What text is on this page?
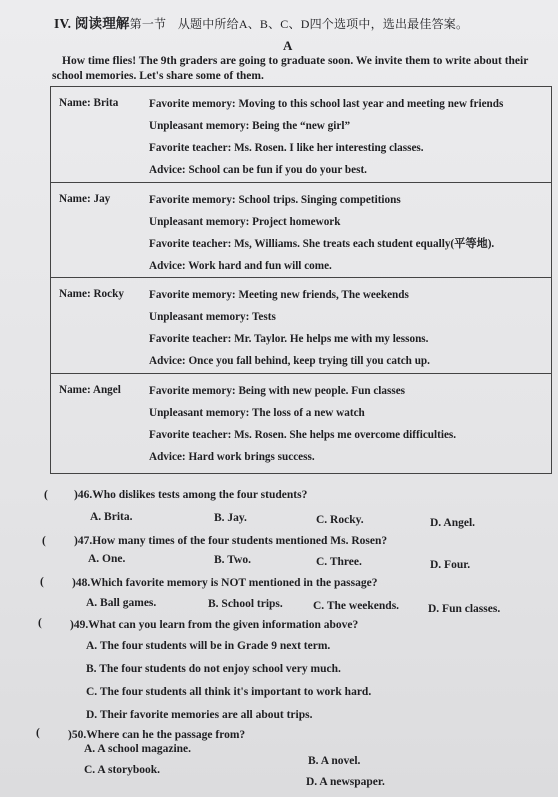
IV. 阅读理解第一节 从题中所给A、B、C、D四个选项中，选出最佳答案。
A
How time flies! The 9th graders are going to graduate soon. We invite them to write about their school memories. Let's share some of them.
Name: Brita	Favorite memory: Moving to this school last year and meeting new friends
Unpleasant memory: Being the “new girl”
Favorite teacher: Ms. Rosen. I like her interesting classes.
Advice: School can be fun if you do your best.

Name: Jay	Favorite memory: School trips. Singing competitions
Unpleasant memory: Project homework
Favorite teacher: Ms, Williams. She treats each student equally(平等地).
Advice: Work hard and fun will come.

Name: Rocky	Favorite memory: Meeting new friends, The weekends
Unpleasant memory: Tests
Favorite teacher: Mr. Taylor. He helps me with my lessons.
Advice: Once you fall behind, keep trying till you catch up.

Name: Angel	Favorite memory: Being with new people. Fun classes
Unpleasant memory: The loss of a new watch
Favorite teacher: Ms. Rosen. She helps me overcome difficulties.
Advice: Hard work brings success.
( )46.Who dislikes tests among the four students?
A. Brita.	B. Jay.	C. Rocky.	D. Angel.
( )47.How many times of the four students mentioned Ms. Rosen?
A. One.	B. Two.	C. Three.	D. Four.
( )48.Which favorite memory is NOT mentioned in the passage?
A. Ball games.	B. School trips.	C. The weekends.	D. Fun classes.
( )49.What can you learn from the given information above?
A. The four students will be in Grade 9 next term.
B. The four students do not enjoy school very much.
C. The four students all think it's important to work hard.
D. Their favorite memories are all about trips.
( )50.Where can he the passage from?
A. A school magazine.
B. A novel.
C. A storybook.
D. A newspaper.
